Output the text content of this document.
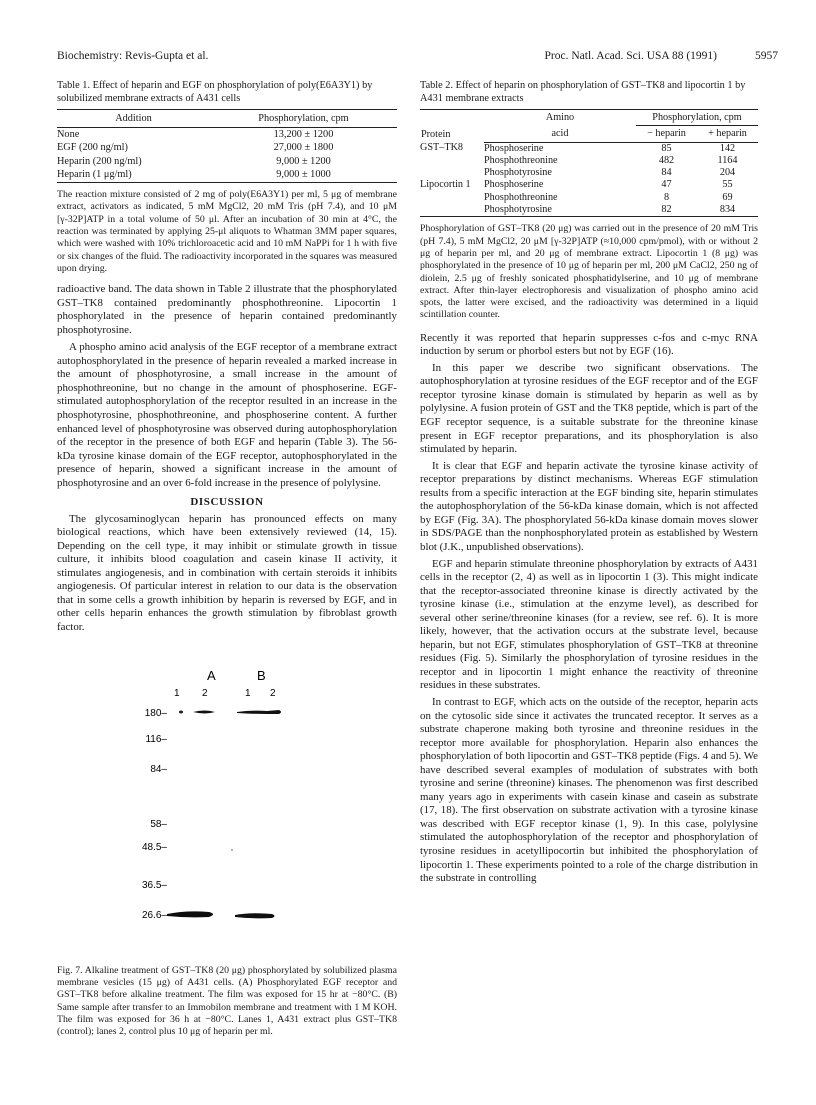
Biochemistry: Revis-Gupta et al.	Proc. Natl. Acad. Sci. USA 88 (1991)	5957
Table 1. Effect of heparin and EGF on phosphorylation of poly(E6A3Y1) by solubilized membrane extracts of A431 cells
Addition	Phosphorylation, cpm
None	13,200 ± 1200
EGF (200 ng/ml)	27,000 ± 1800
Heparin (200 ng/ml)	9,000 ± 1200
Heparin (1 μg/ml)	9,000 ± 1000
The reaction mixture consisted of 2 mg of poly(E6A3Y1) per ml, 5 μg of membrane extract, activators as indicated, 5 mM MgCl2, 20 mM Tris (pH 7.4), and 10 μM [γ-32P]ATP in a total volume of 50 μl. After an incubation of 30 min at 4°C, the reaction was terminated by applying 25-μl aliquots to Whatman 3MM paper squares, which were washed with 10% trichloroacetic acid and 10 mM NaPPi for 1 h with five or six changes of the fluid. The radioactivity incorporated in the squares was measured upon drying.

radioactive band. The data shown in Table 2 illustrate that the phosphorylated GST–TK8 contained predominantly phosphothreonine. Lipocortin 1 phosphorylated in the presence of heparin contained predominantly phosphotyrosine.

A phospho amino acid analysis of the EGF receptor of a membrane extract autophosphorylated in the presence of heparin revealed a marked increase in the amount of phosphotyrosine, a small increase in the amount of phosphothreonine, but no change in the amount of phosphoserine. EGF-stimulated autophosphorylation of the receptor resulted in an increase in the phosphotyrosine, phosphothreonine, and phosphoserine content. A further enhanced level of phosphotyrosine was observed during autophosphorylation of the receptor in the presence of both EGF and heparin (Table 3). The 56-kDa tyrosine kinase domain of the EGF receptor, autophosphorylated in the presence of heparin, showed a significant increase in the amount of phosphotyrosine and an over 6-fold increase in the presence of polylysine.

DISCUSSION

The glycosaminoglycan heparin has pronounced effects on many biological reactions, which have been extensively reviewed (14, 15). Depending on the cell type, it may inhibit or stimulate growth in tissue culture, it inhibits blood coagulation and casein kinase II activity, it stimulates angiogenesis, and in combination with certain steroids it inhibits angiogenesis. Of particular interest in relation to our data is the observation that in some cells a growth inhibition by heparin is reversed by EGF, and in other cells heparin enhances the growth stimulation by fibroblast growth factor.

A	B
1 2	1 2
180–
116–
84–
58–
48.5–
36.5–
26.6–
Fig. 7. Alkaline treatment of GST–TK8 (20 μg) phosphorylated by solubilized plasma membrane vesicles (15 μg) of A431 cells. (A) Phosphorylated EGF receptor and GST–TK8 before alkaline treatment. The film was exposed for 15 hr at −80°C. (B) Same sample after transfer to an Immobilon membrane and treatment with 1 M KOH. The film was exposed for 36 h at −80°C. Lanes 1, A431 extract plus GST–TK8 (control); lanes 2, control plus 10 μg of heparin per ml.
Table 2. Effect of heparin on phosphorylation of GST–TK8 and lipocortin 1 by A431 membrane extracts
Protein	Amino	Phosphorylation, cpm	
	acid	− heparin	+ heparin
GST–TK8	Phosphoserine	85	142
	Phosphothreonine	482	1164
	Phosphotyrosine	84	204
Lipocortin 1	Phosphoserine	47	55
	Phosphothreonine	8	69
	Phosphotyrosine	82	834
Phosphorylation of GST–TK8 (20 μg) was carried out in the presence of 20 mM Tris (pH 7.4), 5 mM MgCl2, 20 μM [γ-32P]ATP (≈10,000 cpm/pmol), with or without 2 μg of heparin per ml, and 20 μg of membrane extract. Lipocortin 1 (8 μg) was phosphorylated in the presence of 10 μg of heparin per ml, 200 μM CaCl2, 250 ng of diolein, 2.5 μg of freshly sonicated phosphatidylserine, and 10 μg of membrane extract. After thin-layer electrophoresis and visualization of phospho amino acid spots, the latter were excised, and the radioactivity was determined in a liquid scintillation counter.

Recently it was reported that heparin suppresses c-fos and c-myc RNA induction by serum or phorbol esters but not by EGF (16).

In this paper we describe two significant observations. The autophosphorylation at tyrosine residues of the EGF receptor and of the EGF receptor tyrosine kinase domain is stimulated by heparin as well as by polylysine. A fusion protein of GST and the TK8 peptide, which is part of the EGF receptor sequence, is a suitable substrate for the threonine kinase present in EGF receptor preparations, and its phosphorylation is also stimulated by heparin.

It is clear that EGF and heparin activate the tyrosine kinase activity of receptor preparations by distinct mechanisms. Whereas EGF stimulation results from a specific interaction at the EGF binding site, heparin stimulates the autophosphorylation of the 56-kDa kinase domain, which is not affected by EGF (Fig. 3A). The phosphorylated 56-kDa kinase domain moves slower in SDS/PAGE than the nonphosphorylated protein as established by Western blot (J.K., unpublished observations).

EGF and heparin stimulate threonine phosphorylation by extracts of A431 cells in the receptor (2, 4) as well as in lipocortin 1 (3). This might indicate that the receptor-associated threonine kinase is directly activated by the tyrosine kinase (i.e., stimulation at the enzyme level), as described for several other serine/threonine kinases (for a review, see ref. 6). It is more likely, however, that the activation occurs at the substrate level, because heparin, but not EGF, stimulates phosphorylation of GST–TK8 at threonine residues (Fig. 5). Similarly the phosphorylation of tyrosine residues in the receptor and in lipocortin 1 might enhance the reactivity of threonine residues in these substrates.

In contrast to EGF, which acts on the outside of the receptor, heparin acts on the cytosolic side since it activates the truncated receptor. It serves as a substrate chaperone making both tyrosine and threonine residues in the receptor more available for phosphorylation. Heparin also enhances the phosphorylation of both lipocortin and GST–TK8 peptide (Figs. 4 and 5). We have described several examples of modulation of substrates with both tyrosine and serine (threonine) kinases. The phenomenon was first described many years ago in experiments with casein kinase and casein as substrate (17, 18). The first observation on substrate activation with a tyrosine kinase was described with EGF receptor kinase (1, 9). In this case, polylysine stimulated the autophosphorylation of the receptor and phosphorylation of tyrosine residues in acetyllipocortin but inhibited the phosphorylation of lipocortin 1. These experiments pointed to a role of the charge distribution in the substrate in controlling
